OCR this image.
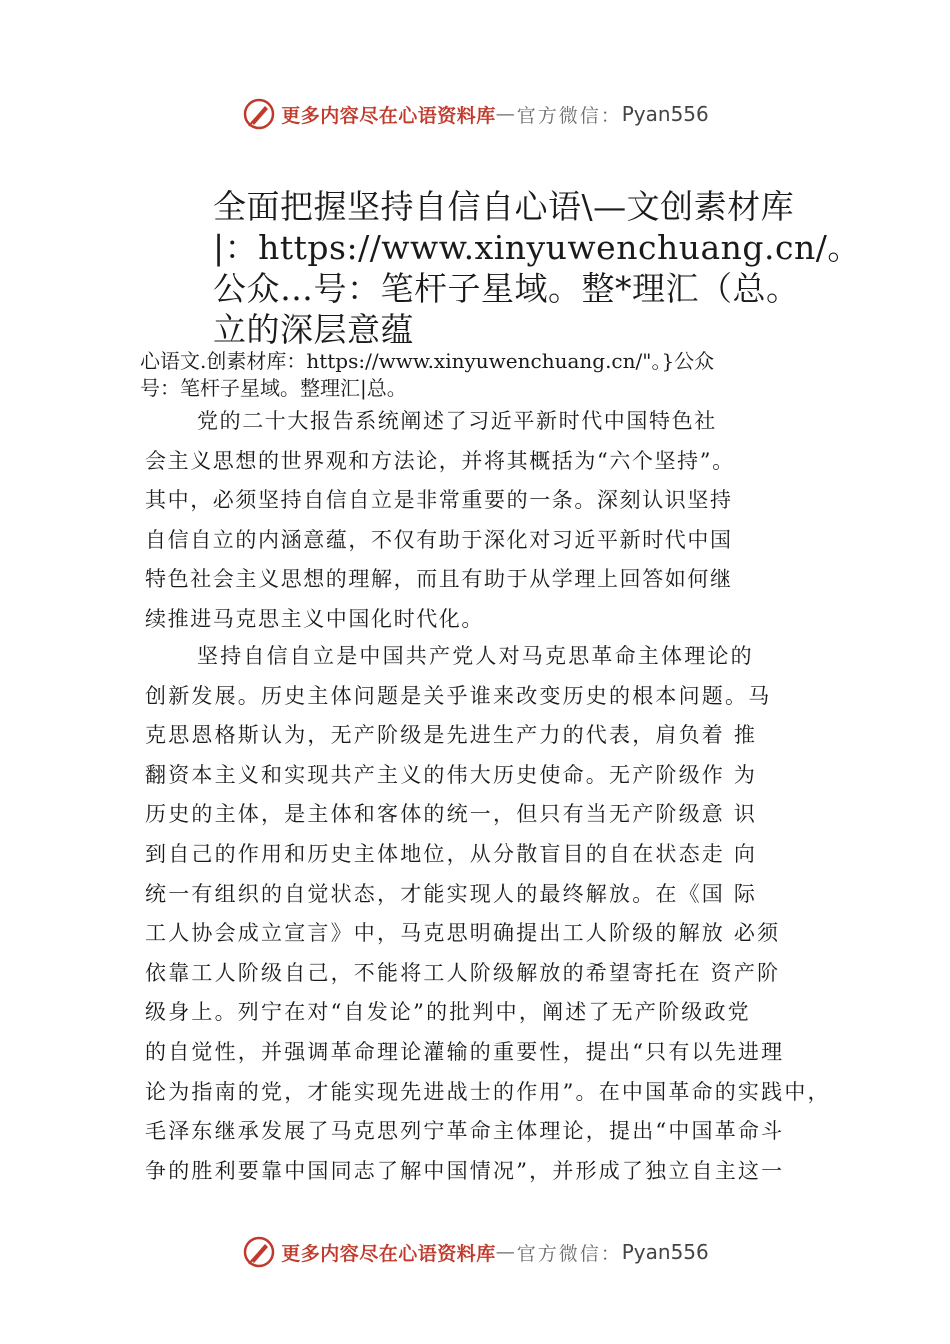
更多内容尽在心语资料库 — 官方微信： Pyan556
全面把握坚持自信自心语\—文创素材库
|：https://www.xinyuwenchuang.cn/。
公众…号：笔杆子星域。整*理汇（总。
立的深层意蕴

心语文.创素材库：https://www.xinyuwenchuang.cn/"。}公众
号：笔杆子星域。整理汇|总。

党的二十大报告系统阐述了习近平新时代中国特色社
会主义思想的世界观和方法论，并将其概括为“六个坚持”。
其中，必须坚持自信自立是非常重要的一条。深刻认识坚持
自信自立的内涵意蕴，不仅有助于深化对习近平新时代中国
特色社会主义思想的理解，而且有助于从学理上回答如何继
续推进马克思主义中国化时代化。

坚持自信自立是中国共产党人对马克思革命主体理论的
创新发展。历史主体问题是关乎谁来改变历史的根本问题。马
克思恩格斯认为，无产阶级是先进生产力的代表，肩负着 推
翻资本主义和实现共产主义的伟大历史使命。无产阶级作 为
历史的主体，是主体和客体的统一，但只有当无产阶级意 识
到自己的作用和历史主体地位，从分散盲目的自在状态走 向
统一有组织的自觉状态，才能实现人的最终解放。在《国 际
工人协会成立宣言》中，马克思明确提出工人阶级的解放 必须
依靠工人阶级自己，不能将工人阶级解放的希望寄托在 资产阶
级身上。列宁在对“自发论”的批判中，阐述了无产阶级政党
的自觉性，并强调革命理论灌输的重要性，提出“只有以先进理
论为指南的党，才能实现先进战士的作用”。在中国革命的实践中，
毛泽东继承发展了马克思列宁革命主体理论，提出“中国革命斗
争的胜利要靠中国同志了解中国情况”，并形成了独立自主这一

更多内容尽在心语资料库 — 官方微信： Pyan556
